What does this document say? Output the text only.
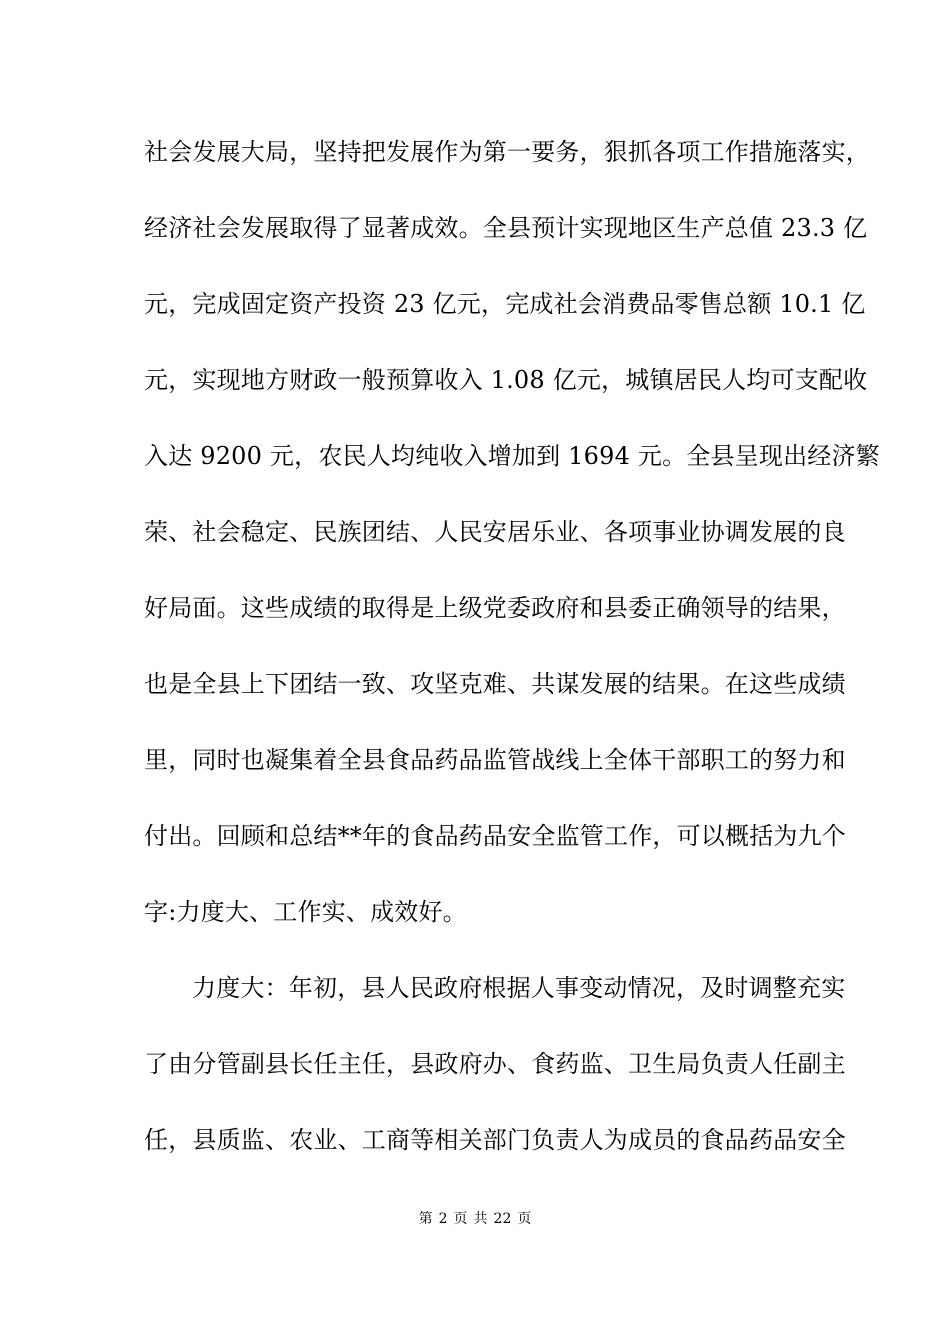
社会发展大局，坚持把发展作为第一要务，狠抓各项工作措施落实，
经济社会发展取得了显著成效。全县预计实现地区生产总值 23.3 亿
元，完成固定资产投资 23 亿元，完成社会消费品零售总额 10.1 亿
元，实现地方财政一般预算收入 1.08 亿元，城镇居民人均可支配收
入达 9200 元，农民人均纯收入增加到 1694 元。全县呈现出经济繁
荣、社会稳定、民族团结、人民安居乐业、各项事业协调发展的良
好局面。这些成绩的取得是上级党委政府和县委正确领导的结果，
也是全县上下团结一致、攻坚克难、共谋发展的结果。在这些成绩
里，同时也凝集着全县食品药品监管战线上全体干部职工的努力和
付出。回顾和总结**年的食品药品安全监管工作，可以概括为九个
字:力度大、工作实、成效好。
力度大：年初，县人民政府根据人事变动情况，及时调整充实
了由分管副县长任主任，县政府办、食药监、卫生局负责人任副主
任，县质监、农业、工商等相关部门负责人为成员的食品药品安全
第 2 页 共 22 页
